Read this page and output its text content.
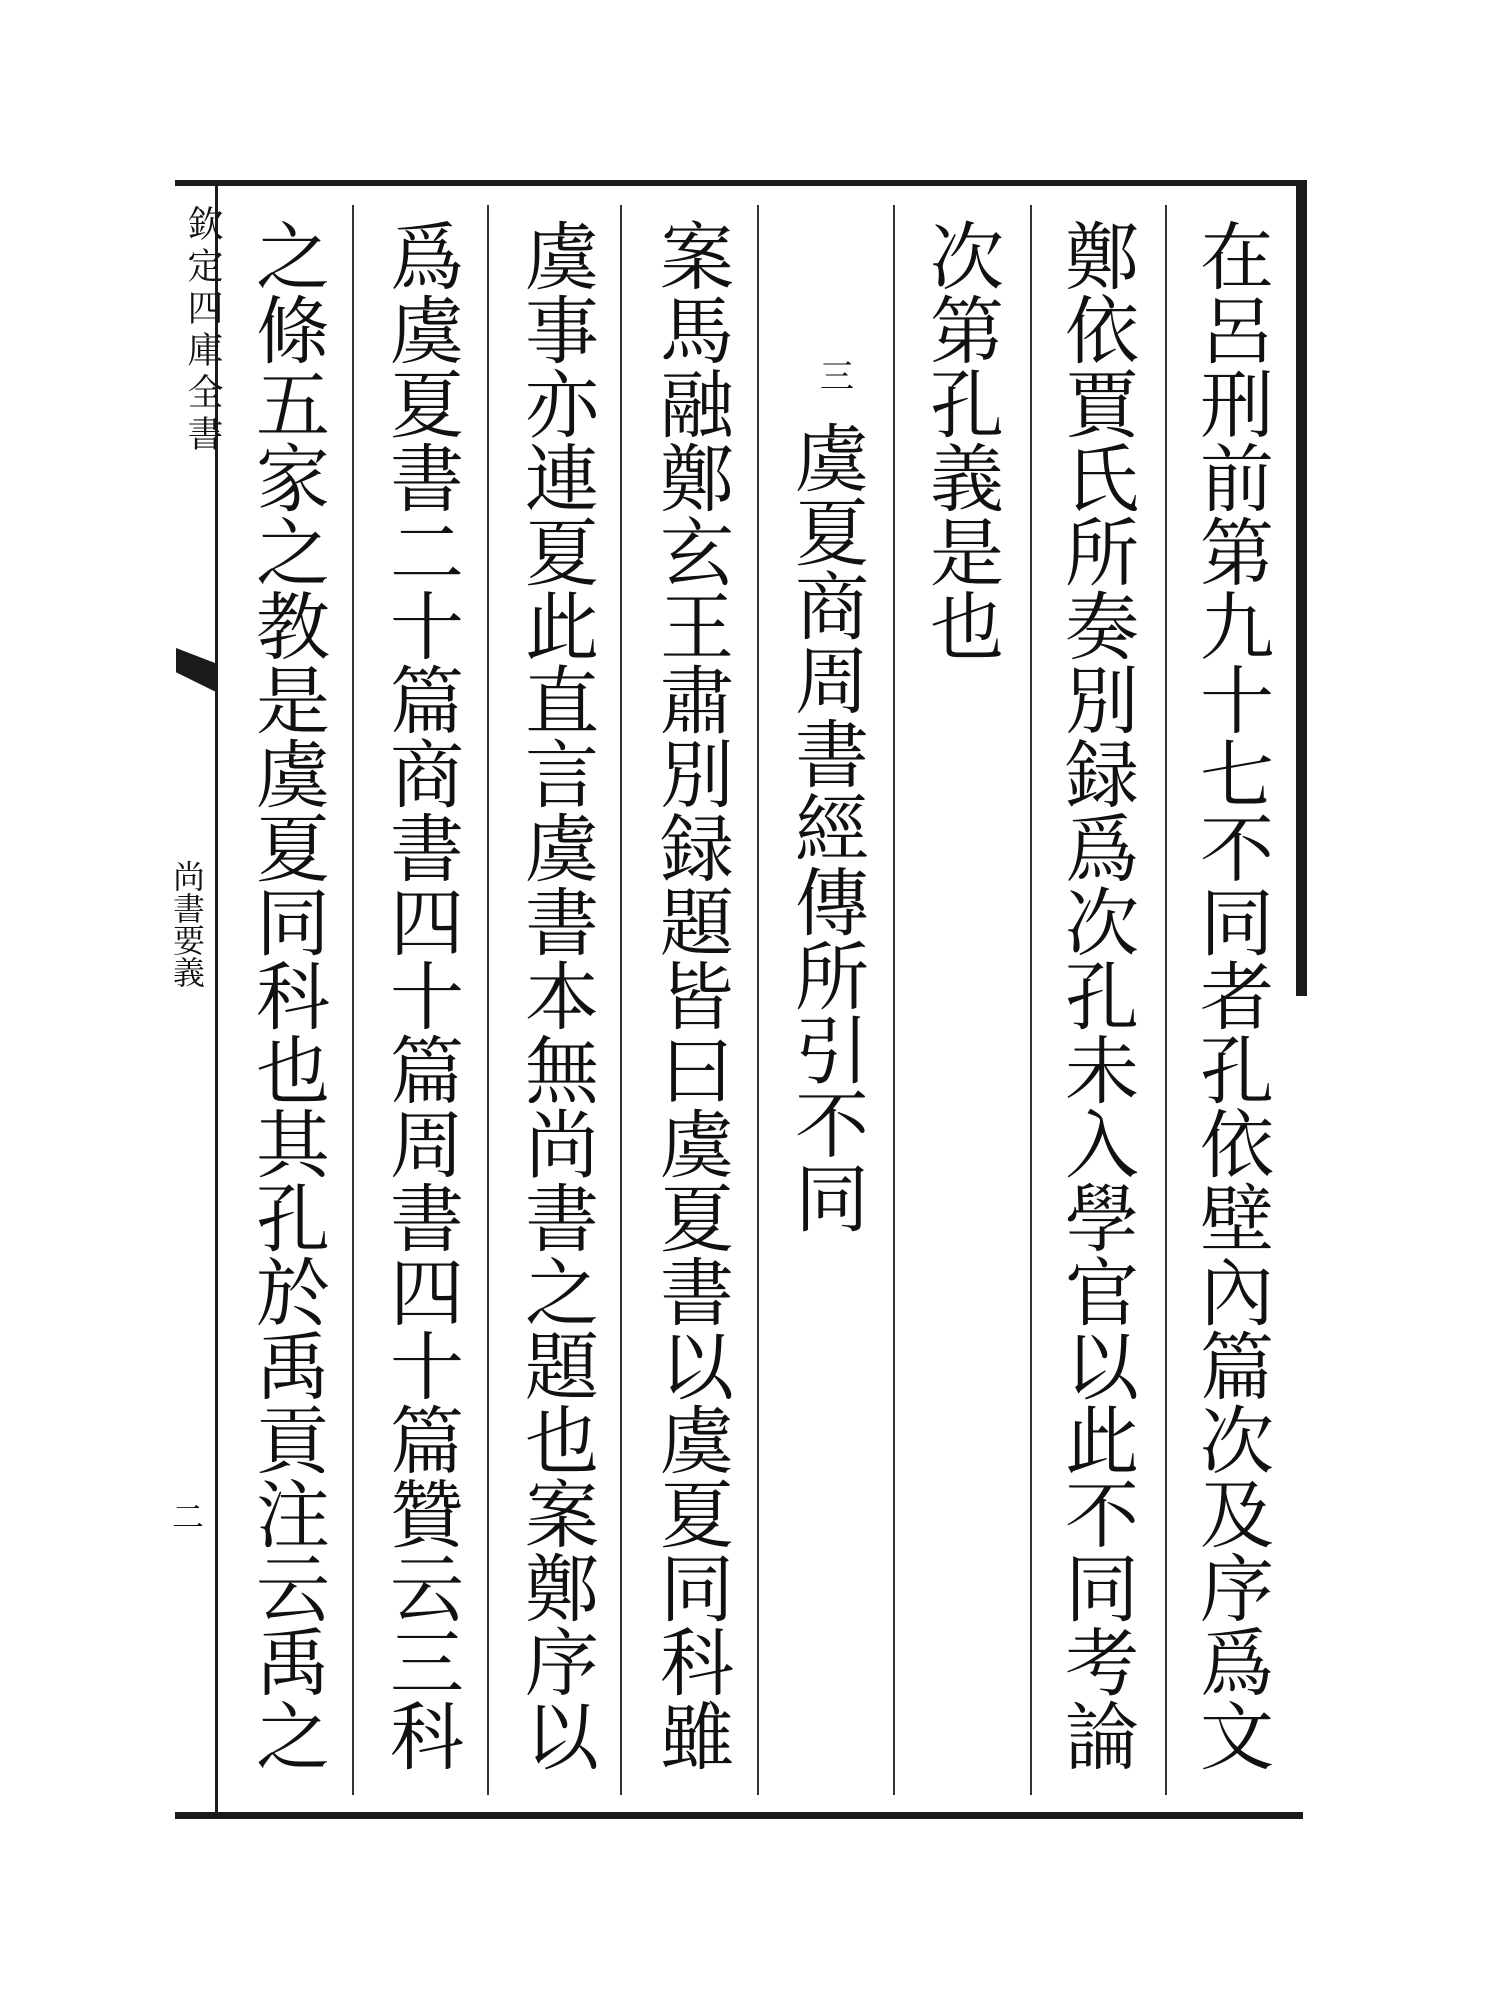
在呂刑前第九十七不同者孔依壁內篇次及序爲文
鄭依賈氏所奏別録爲次孔未入學官以此不同考論
次第孔義是也
三
虞夏商周書經傳所引不同
案馬融鄭玄王肅別録題皆曰虞夏書以虞夏同科雖
虞事亦連夏此直言虞書本無尚書之題也案鄭序以
爲虞夏書二十篇商書四十篇周書四十篇贊云三科
之條五家之教是虞夏同科也其孔於禹貢注云禹之
欽定四庫全書
尚書要義
二
